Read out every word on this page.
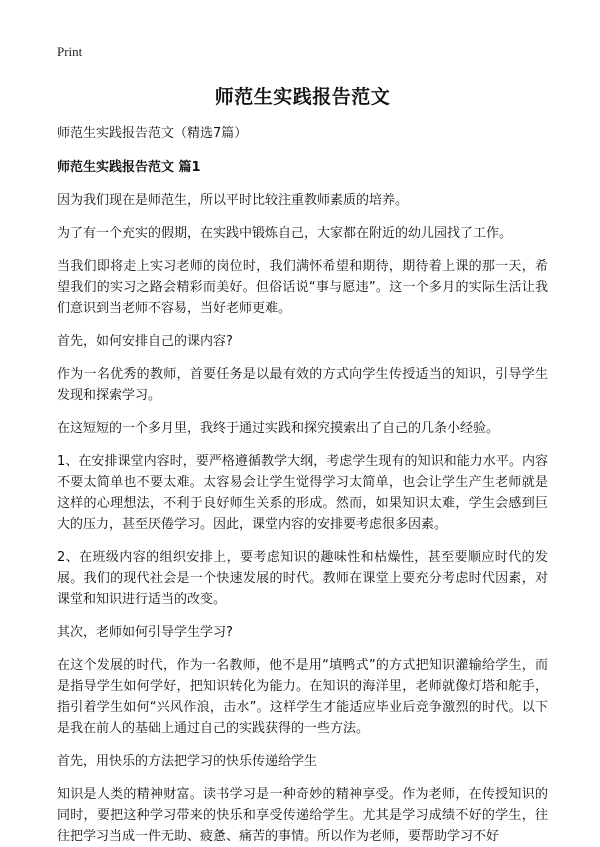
Print
师范生实践报告范文
师范生实践报告范文（精选7篇）
师范生实践报告范文 篇1

因为我们现在是师范生，所以平时比较注重教师素质的培养。

为了有一个充实的假期，在实践中锻炼自己，大家都在附近的幼儿园找了工作。

当我们即将走上实习老师的岗位时，我们满怀希望和期待，期待着上课的那一天，希望我们的实习之路会精彩而美好。但俗话说“事与愿违”。这一个多月的实际生活让我们意识到当老师不容易，当好老师更难。

首先，如何安排自己的课内容?

作为一名优秀的教师，首要任务是以最有效的方式向学生传授适当的知识，引导学生发现和探索学习。

在这短短的一个多月里，我终于通过实践和探究摸索出了自己的几条小经验。

1、在安排课堂内容时，要严格遵循教学大纲，考虑学生现有的知识和能力水平。内容不要太简单也不要太难。太容易会让学生觉得学习太简单，也会让学生产生老师就是这样的心理想法，不利于良好师生关系的形成。然而，如果知识太难，学生会感到巨大的压力，甚至厌倦学习。因此，课堂内容的安排要考虑很多因素。

2、在班级内容的组织安排上，要考虑知识的趣味性和枯燥性，甚至要顺应时代的发展。我们的现代社会是一个快速发展的时代。教师在课堂上要充分考虑时代因素，对课堂和知识进行适当的改变。

其次，老师如何引导学生学习?

在这个发展的时代，作为一名教师，他不是用“填鸭式”的方式把知识灌输给学生，而是指导学生如何学好，把知识转化为能力。在知识的海洋里，老师就像灯塔和舵手，指引着学生如何“兴风作浪，击水”。这样学生才能适应毕业后竞争激烈的时代。以下是我在前人的基础上通过自己的实践获得的一些方法。

首先，用快乐的方法把学习的快乐传递给学生

知识是人类的精神财富。读书学习是一种奇妙的精神享受。作为老师，在传授知识的同时，要把这种学习带来的快乐和享受传递给学生。尤其是学习成绩不好的学生，往往把学习当成一件无助、疲惫、痛苦的事情。所以作为老师，要帮助学习不好
